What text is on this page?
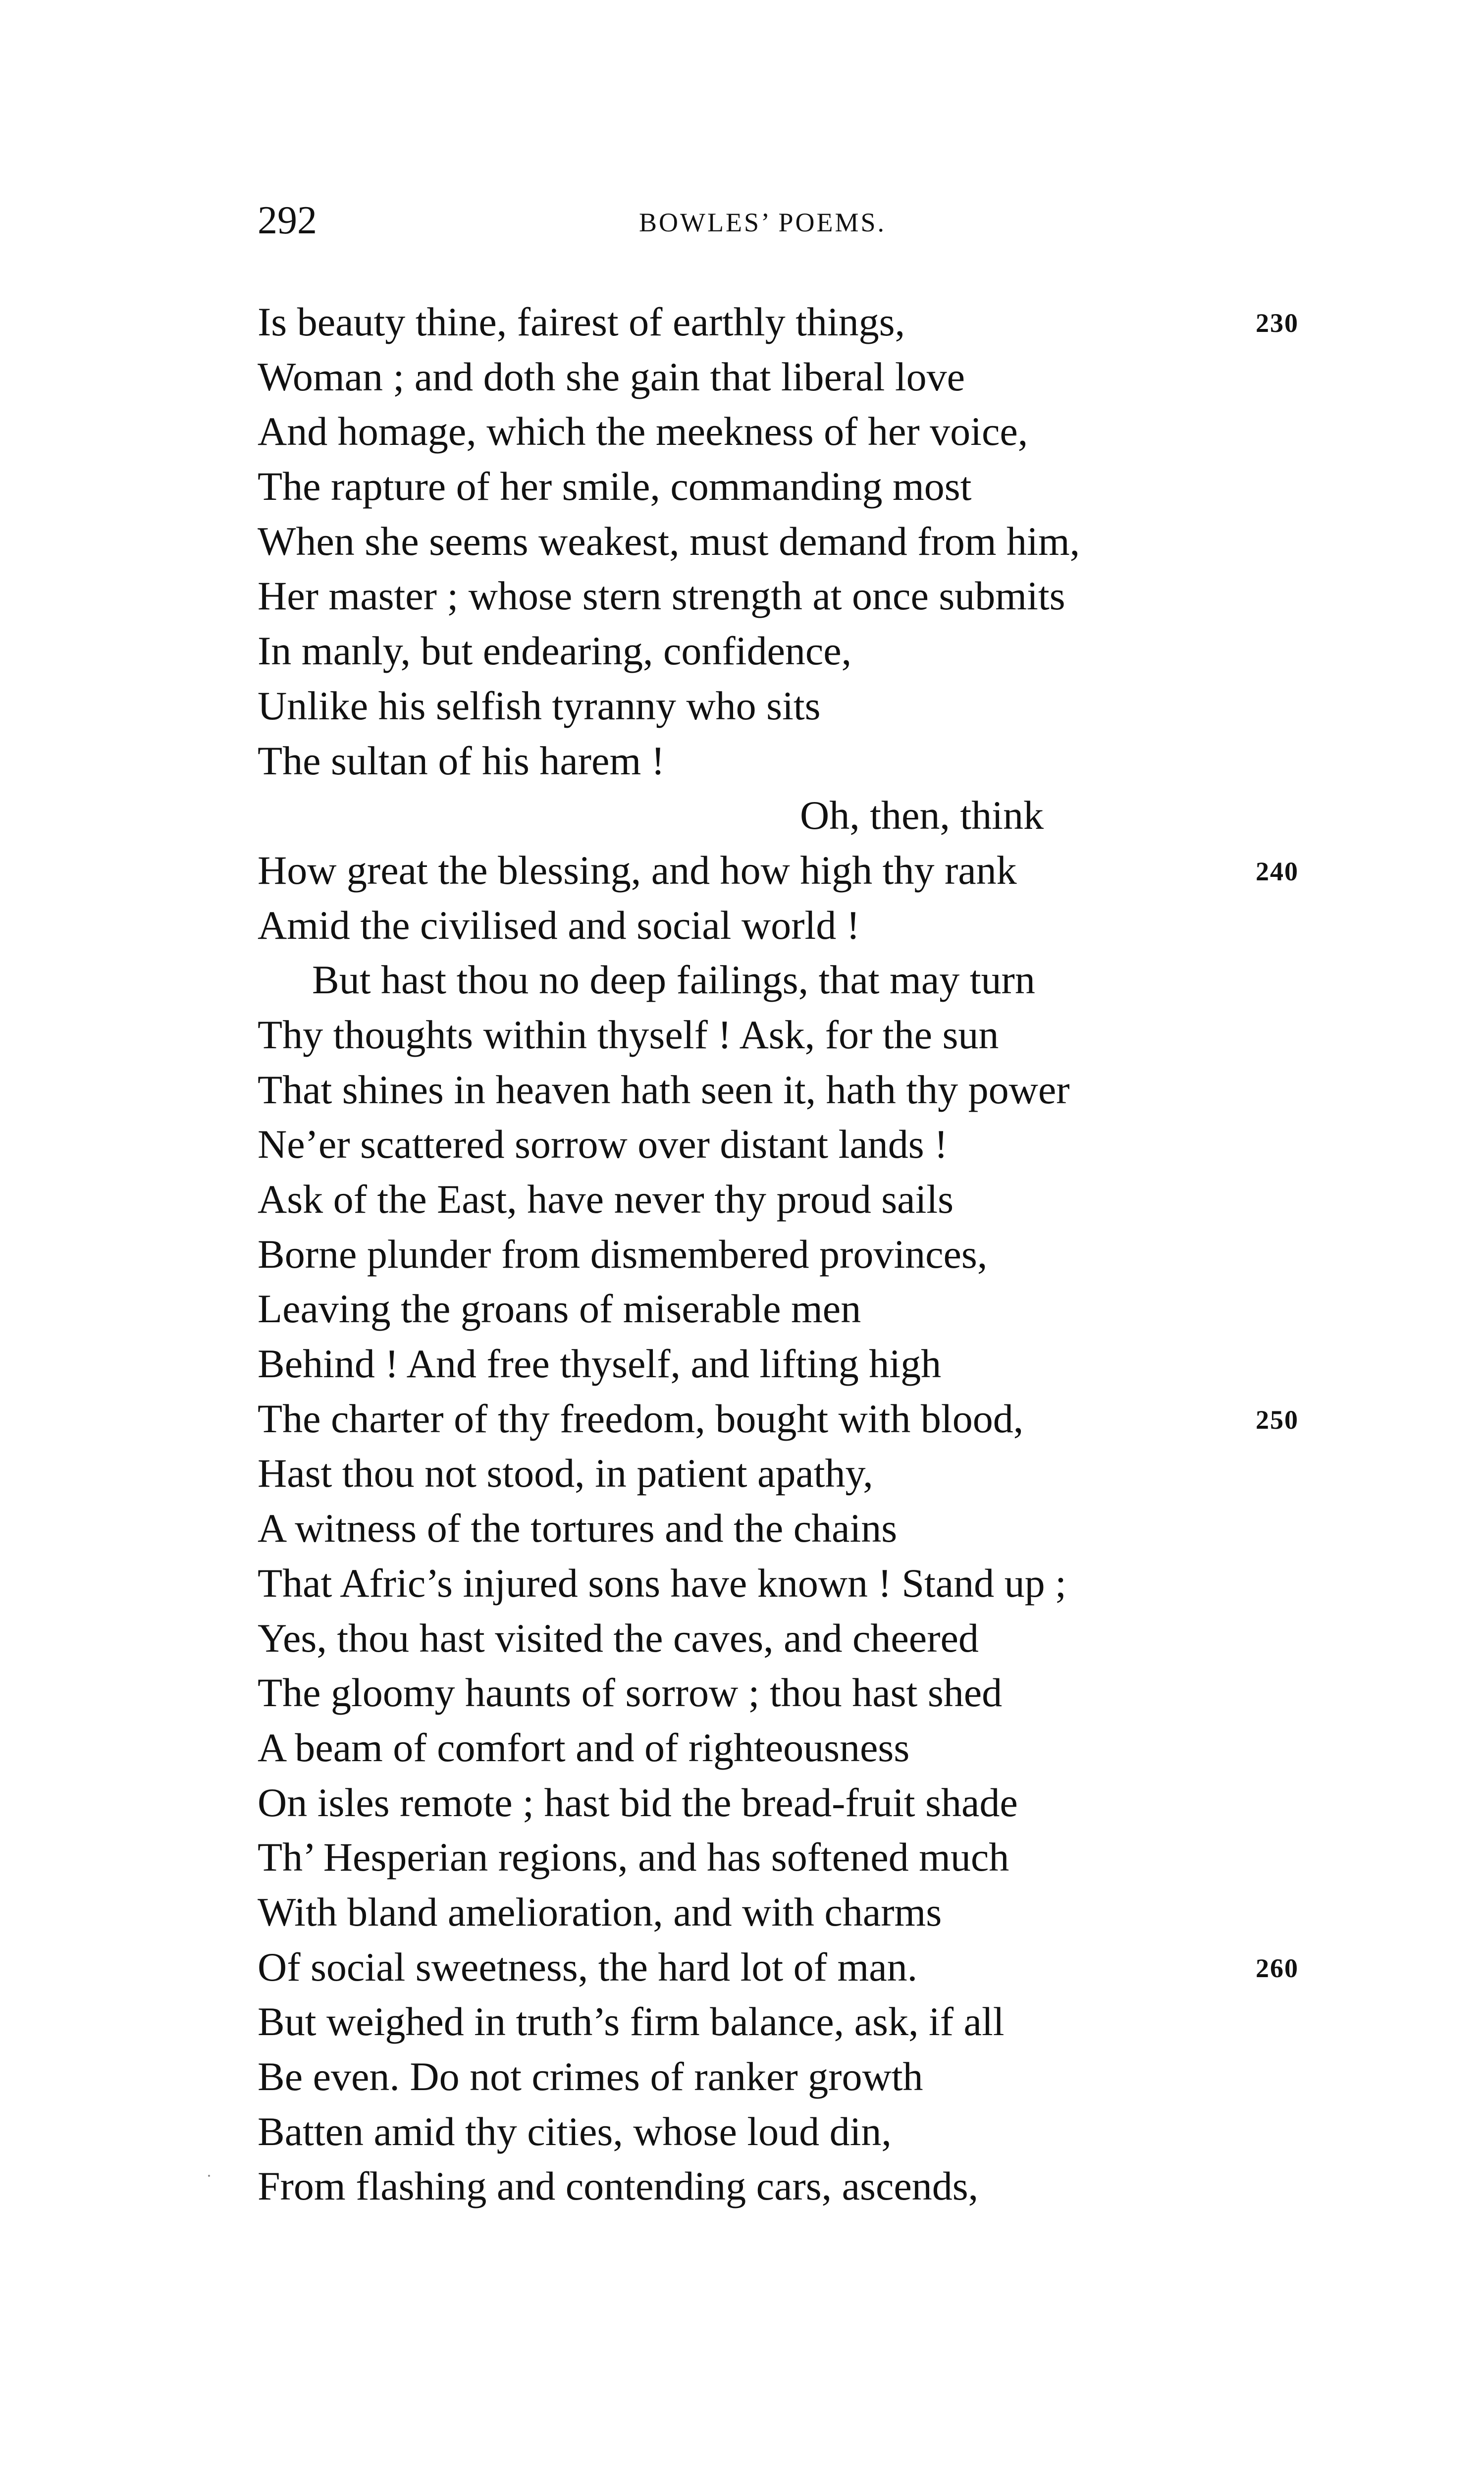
292	BOWLES’ POEMS.
Is beauty thine, fairest of earthly things,	230
Woman ; and doth she gain that liberal love
And homage, which the meekness of her voice,
The rapture of her smile, commanding most
When she seems weakest, must demand from him,
Her master ; whose stern strength at once submits
In manly, but endearing, confidence,
Unlike his selfish tyranny who sits
The sultan of his harem !
Oh, then, think
How great the blessing, and how high thy rank	240
Amid the civilised and social world !
But hast thou no deep failings, that may turn
Thy thoughts within thyself ! Ask, for the sun
That shines in heaven hath seen it, hath thy power
Ne’er scattered sorrow over distant lands !
Ask of the East, have never thy proud sails
Borne plunder from dismembered provinces,
Leaving the groans of miserable men
Behind ! And free thyself, and lifting high
The charter of thy freedom, bought with blood,	250
Hast thou not stood, in patient apathy,
A witness of the tortures and the chains
That Afric’s injured sons have known ! Stand up ;
Yes, thou hast visited the caves, and cheered
The gloomy haunts of sorrow ; thou hast shed
A beam of comfort and of righteousness
On isles remote ; hast bid the bread-fruit shade
Th’ Hesperian regions, and has softened much
With bland amelioration, and with charms
Of social sweetness, the hard lot of man.	260
But weighed in truth’s firm balance, ask, if all
Be even. Do not crimes of ranker growth
Batten amid thy cities, whose loud din,
From flashing and contending cars, ascends,
